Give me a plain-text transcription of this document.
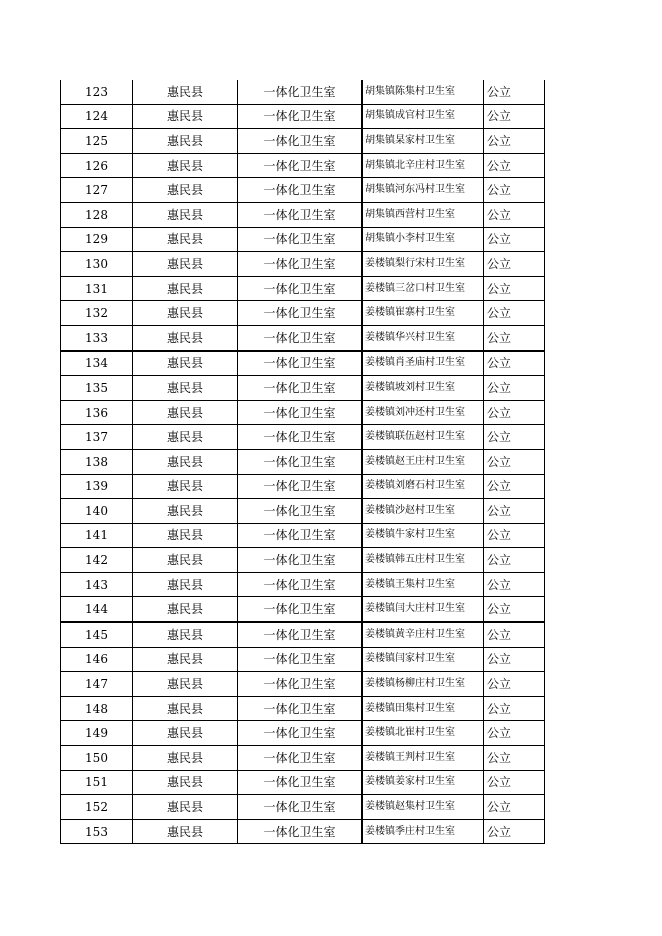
123	惠民县	一体化卫生室	胡集镇陈集村卫生室	公立
124	惠民县	一体化卫生室	胡集镇成官村卫生室	公立
125	惠民县	一体化卫生室	胡集镇杲家村卫生室	公立
126	惠民县	一体化卫生室	胡集镇北辛庄村卫生室	公立
127	惠民县	一体化卫生室	胡集镇河东冯村卫生室	公立
128	惠民县	一体化卫生室	胡集镇西营村卫生室	公立
129	惠民县	一体化卫生室	胡集镇小李村卫生室	公立
130	惠民县	一体化卫生室	姜楼镇梨行宋村卫生室	公立
131	惠民县	一体化卫生室	姜楼镇三岔口村卫生室	公立
132	惠民县	一体化卫生室	姜楼镇崔寨村卫生室	公立
133	惠民县	一体化卫生室	姜楼镇华兴村卫生室	公立
134	惠民县	一体化卫生室	姜楼镇肖圣庙村卫生室	公立
135	惠民县	一体化卫生室	姜楼镇坡刘村卫生室	公立
136	惠民县	一体化卫生室	姜楼镇刘冲还村卫生室	公立
137	惠民县	一体化卫生室	姜楼镇联伍赵村卫生室	公立
138	惠民县	一体化卫生室	姜楼镇赵王庄村卫生室	公立
139	惠民县	一体化卫生室	姜楼镇刘磨石村卫生室	公立
140	惠民县	一体化卫生室	姜楼镇沙赵村卫生室	公立
141	惠民县	一体化卫生室	姜楼镇牛家村卫生室	公立
142	惠民县	一体化卫生室	姜楼镇韩五庄村卫生室	公立
143	惠民县	一体化卫生室	姜楼镇王集村卫生室	公立
144	惠民县	一体化卫生室	姜楼镇闫大庄村卫生室	公立
145	惠民县	一体化卫生室	姜楼镇黄辛庄村卫生室	公立
146	惠民县	一体化卫生室	姜楼镇闫家村卫生室	公立
147	惠民县	一体化卫生室	姜楼镇杨柳庄村卫生室	公立
148	惠民县	一体化卫生室	姜楼镇田集村卫生室	公立
149	惠民县	一体化卫生室	姜楼镇北崔村卫生室	公立
150	惠民县	一体化卫生室	姜楼镇王判村卫生室	公立
151	惠民县	一体化卫生室	姜楼镇姜家村卫生室	公立
152	惠民县	一体化卫生室	姜楼镇赵集村卫生室	公立
153	惠民县	一体化卫生室	姜楼镇季庄村卫生室	公立
